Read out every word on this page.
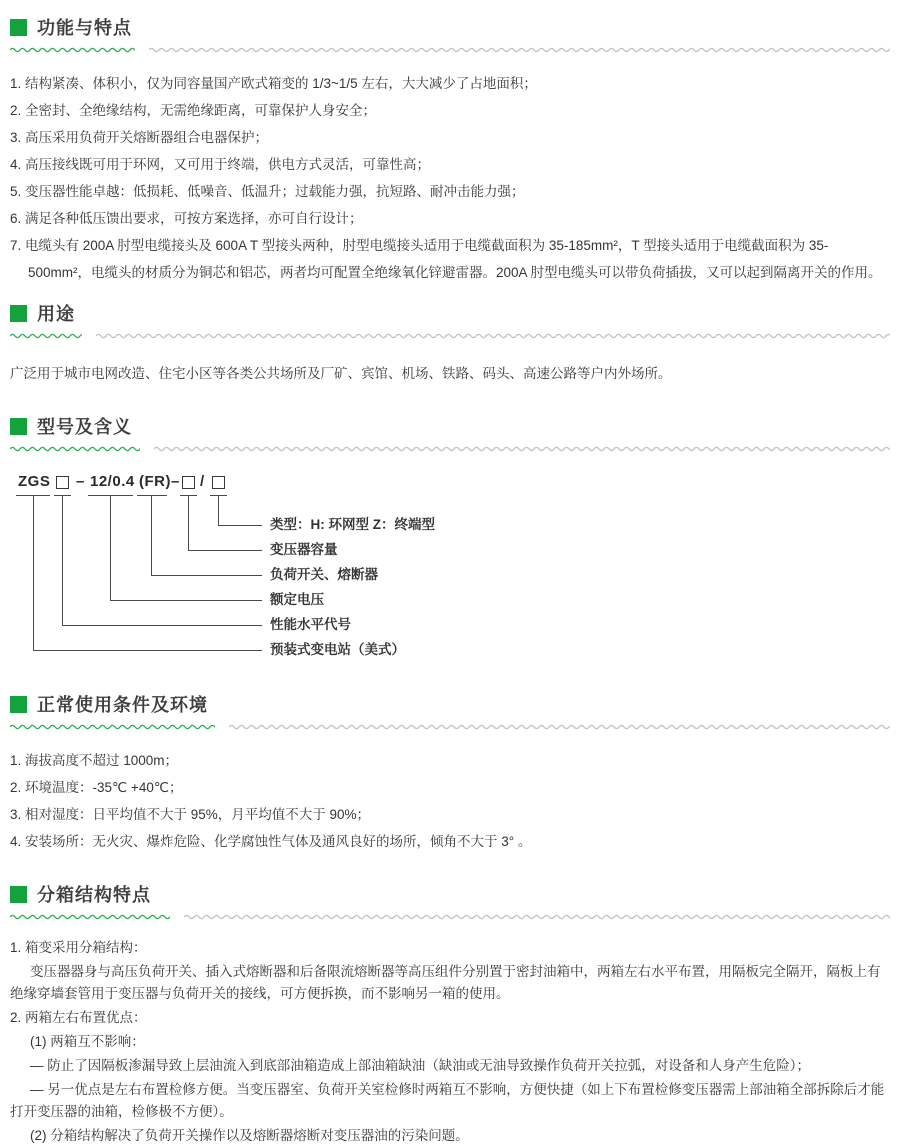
功能与特点
1. 结构紧凑、体积小，仅为同容量国产欧式箱变的 1/3~1/5 左右，大大减少了占地面积；
2. 全密封、全绝缘结构，无需绝缘距离，可靠保护人身安全；
3. 高压采用负荷开关熔断器组合电器保护；
4. 高压接线既可用于环网，又可用于终端，供电方式灵活，可靠性高；
5. 变压器性能卓越：低损耗、低噪音、低温升；过载能力强，抗短路、耐冲击能力强；
6. 满足各种低压馈出要求，可按方案选择，亦可自行设计；
7. 电缆头有 200A 肘型电缆接头及 600A T 型接头两种，肘型电缆接头适用于电缆截面积为 35-185mm²，T 型接头适用于电缆截面积为 35-500mm²，电缆头的材质分为铜芯和铝芯，两者均可配置全绝缘氧化锌避雷器。200A 肘型电缆头可以带负荷插拔，又可以起到隔离开关的作用。
用途

广泛用于城市电网改造、住宅小区等各类公共场所及厂矿、宾馆、机场、铁路、码头、高速公路等户内外场所。

型号及含义
ZGS – 12/0.4 (FR) – /
类型：H: 环网型 Z：终端型
变压器容量
负荷开关、熔断器
额定电压
性能水平代号
预装式变电站（美式）
正常使用条件及环境
1. 海拔高度不超过 1000m；
2. 环境温度：-35℃ +40℃；
3. 相对湿度：日平均值不大于 95%，月平均值不大于 90%；
4. 安装场所：无火灾、爆炸危险、化学腐蚀性气体及通风良好的场所，倾角不大于 3° 。
分箱结构特点
1. 箱变采用分箱结构：
变压器器身与高压负荷开关、插入式熔断器和后备限流熔断器等高压组件分别置于密封油箱中，两箱左右水平布置，用隔板完全隔开，隔板上有绝缘穿墙套管用于变压器与负荷开关的接线，可方便拆换，而不影响另一箱的使用。
2. 两箱左右布置优点：
(1) 两箱互不影响：
— 防止了因隔板渗漏导致上层油流入到底部油箱造成上部油箱缺油（缺油或无油导致操作负荷开关拉弧，对设备和人身产生危险）；
— 另一优点是左右布置检修方便。当变压器室、负荷开关室检修时两箱互不影响，方便快捷（如上下布置检修变压器需上部油箱全部拆除后才能打开变压器的油箱，检修极不方便）。
(2) 分箱结构解决了负荷开关操作以及熔断器熔断对变压器油的污染问题。
